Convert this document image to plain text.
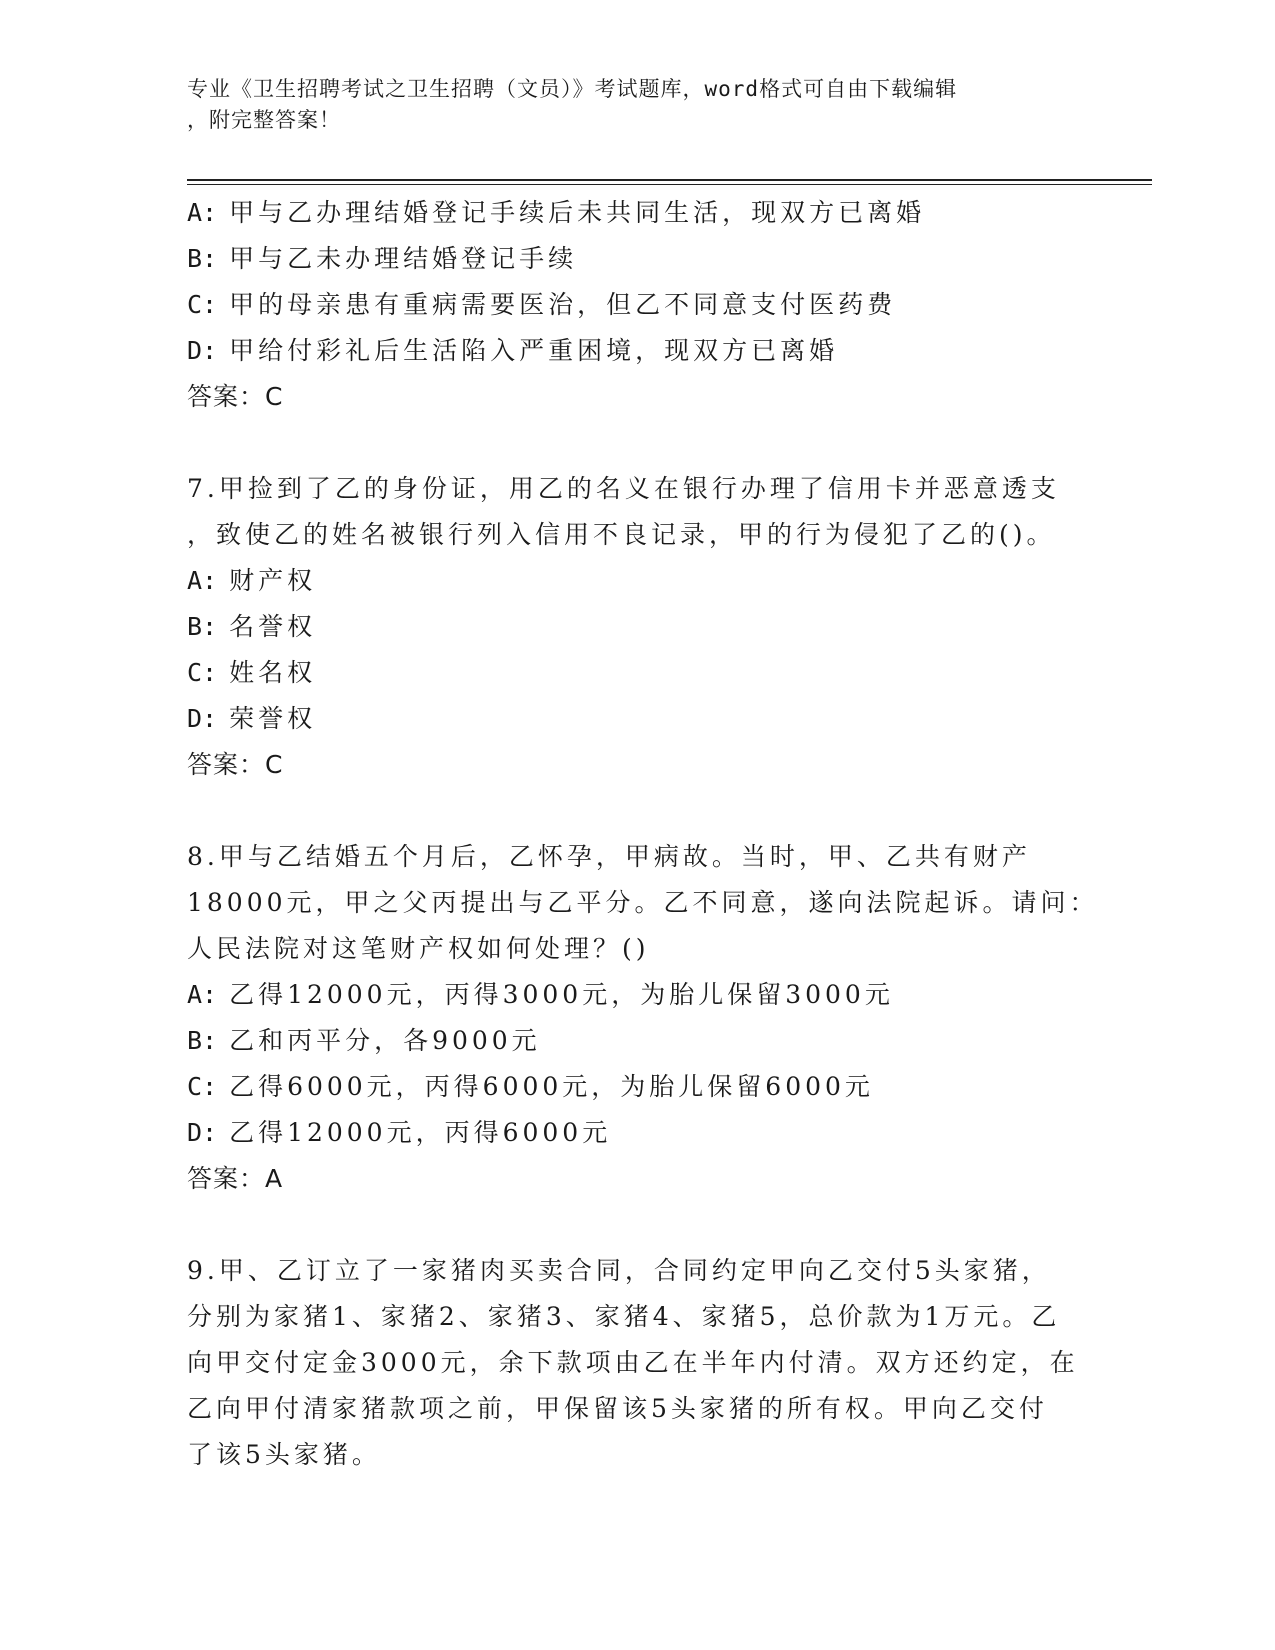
专业《卫生招聘考试之卫生招聘（文员）》考试题库，word格式可自由下载编辑
，附完整答案！
A: 甲与乙办理结婚登记手续后未共同生活，现双方已离婚
B: 甲与乙未办理结婚登记手续
C: 甲的母亲患有重病需要医治，但乙不同意支付医药费
D: 甲给付彩礼后生活陷入严重困境，现双方已离婚
答案：C
7.甲捡到了乙的身份证，用乙的名义在银行办理了信用卡并恶意透支
，致使乙的姓名被银行列入信用不良记录，甲的行为侵犯了乙的()。
A: 财产权
B: 名誉权
C: 姓名权
D: 荣誉权
答案：C
8.甲与乙结婚五个月后，乙怀孕，甲病故。当时，甲、乙共有财产
18000元，甲之父丙提出与乙平分。乙不同意，遂向法院起诉。请问：
人民法院对这笔财产权如何处理？()
A: 乙得12000元，丙得3000元，为胎儿保留3000元
B: 乙和丙平分，各9000元
C: 乙得6000元，丙得6000元，为胎儿保留6000元
D: 乙得12000元，丙得6000元
答案：A
9.甲、乙订立了一家猪肉买卖合同，合同约定甲向乙交付5头家猪，
分别为家猪1、家猪2、家猪3、家猪4、家猪5，总价款为1万元。乙
向甲交付定金3000元，余下款项由乙在半年内付清。双方还约定，在
乙向甲付清家猪款项之前，甲保留该5头家猪的所有权。甲向乙交付
了该5头家猪。
